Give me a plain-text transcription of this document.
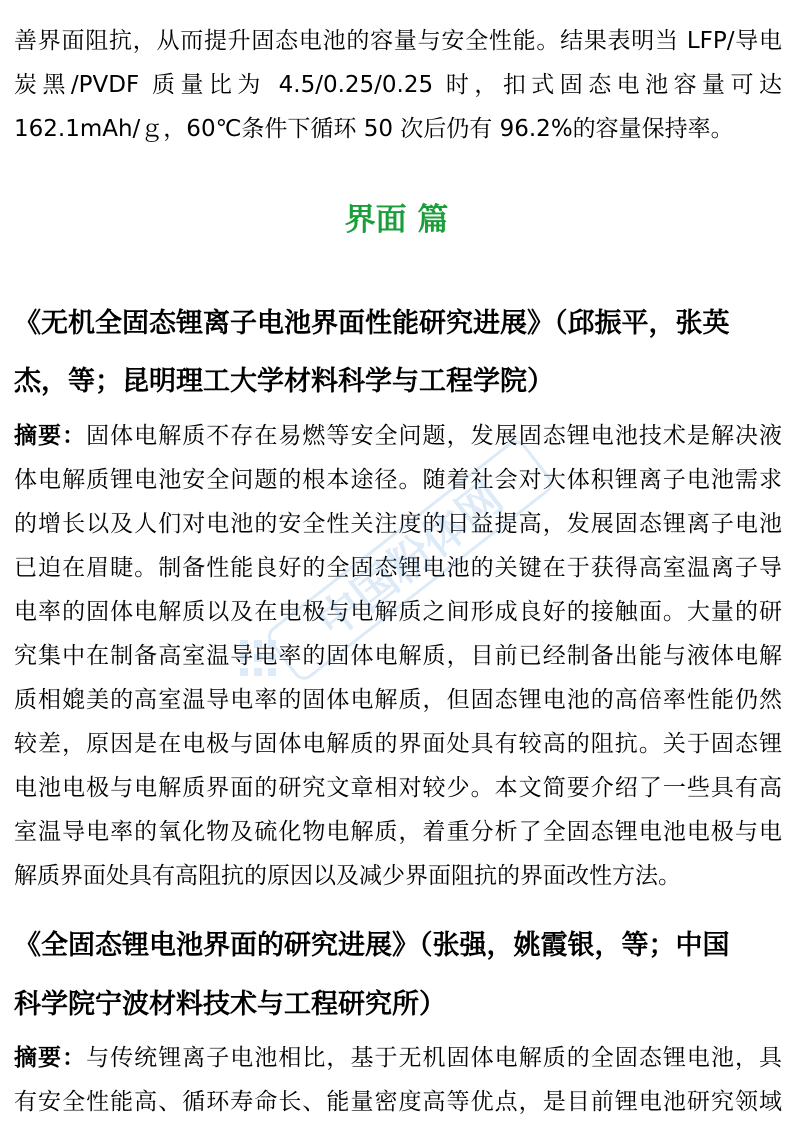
善界面阻抗，从而提升固态电池的容量与安全性能。结果表明当 LFP/导电
炭黑/PVDF 质量比为 4.5/0.25/0.25 时，扣式固态电池容量可达
162.1mAh/ｇ，60℃条件下循环 50 次后仍有 96.2%的容量保持率。
界面 篇
《无机全固态锂离子电池界面性能研究进展》（邱振平，张英
杰，等；昆明理工大学材料科学与工程学院）
摘要：固体电解质不存在易燃等安全问题，发展固态锂电池技术是解决液
体电解质锂电池安全问题的根本途径。随着社会对大体积锂离子电池需求
的增长以及人们对电池的安全性关注度的日益提高，发展固态锂离子电池
已迫在眉睫。制备性能良好的全固态锂电池的关键在于获得高室温离子导
电率的固体电解质以及在电极与电解质之间形成良好的接触面。大量的研
究集中在制备高室温导电率的固体电解质，目前已经制备出能与液体电解
质相媲美的高室温导电率的固体电解质，但固态锂电池的高倍率性能仍然
较差，原因是在电极与固体电解质的界面处具有较高的阻抗。关于固态锂
电池电极与电解质界面的研究文章相对较少。本文简要介绍了一些具有高
室温导电率的氧化物及硫化物电解质，着重分析了全固态锂电池电极与电
解质界面处具有高阻抗的原因以及减少界面阻抗的界面改性方法。
《全固态锂电池界面的研究进展》（张强，姚霞银，等；中国
科学院宁波材料技术与工程研究所）
摘要：与传统锂离子电池相比，基于无机固体电解质的全固态锂电池，具
有安全性能高、循环寿命长、能量密度高等优点，是目前锂电池研究领域
中国粉体网
